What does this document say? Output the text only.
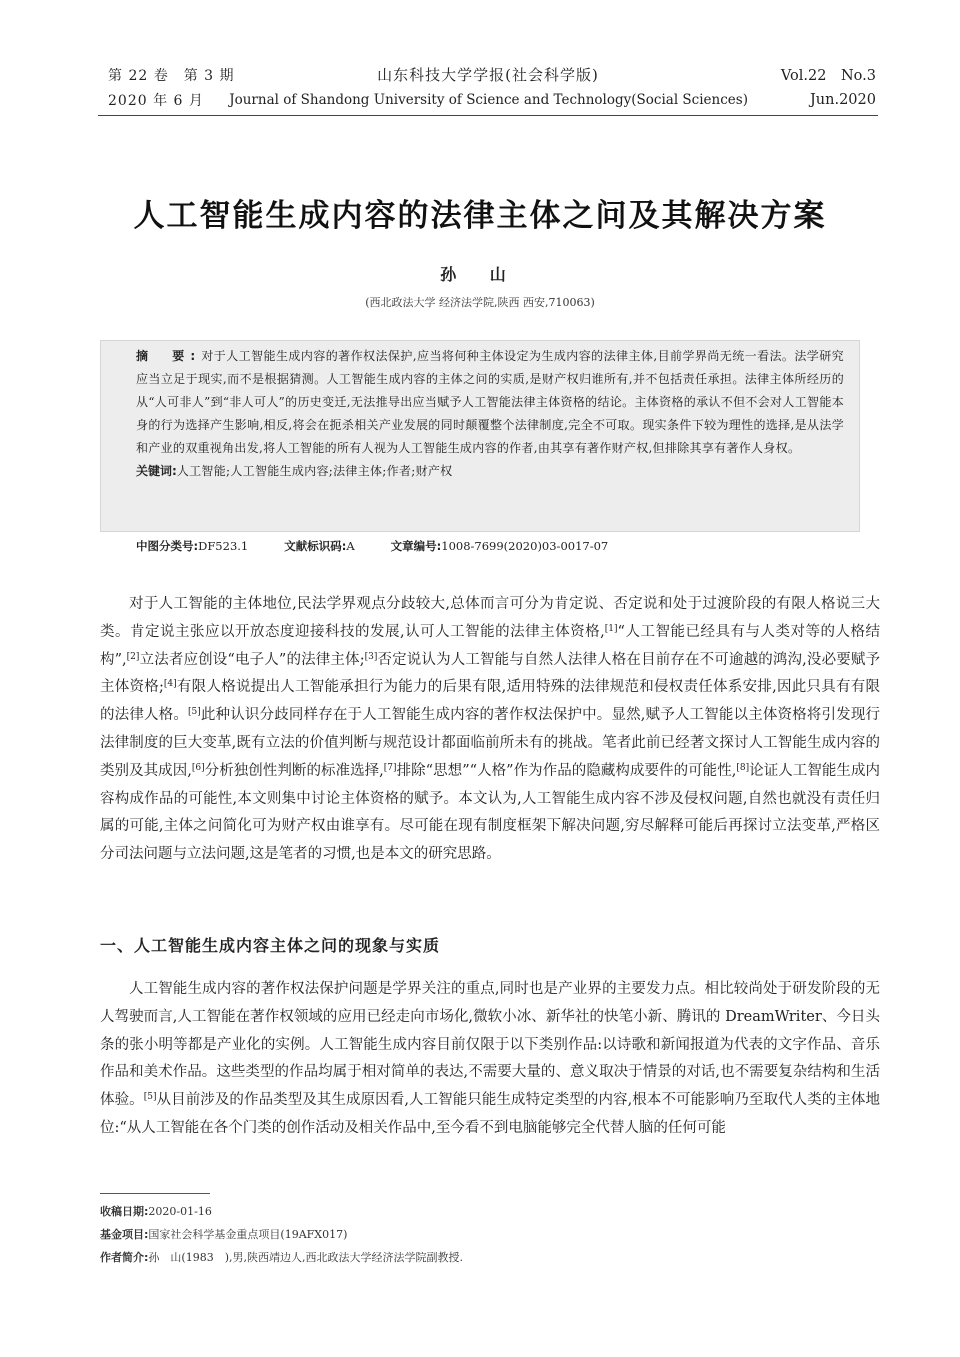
第 22 卷　第 3 期	山东科技大学学报(社会科学版)	Vol.22　No.3
2020 年 6 月	Journal of Shandong University of Science and Technology(Social Sciences)	Jun.2020
人工智能生成内容的法律主体之问及其解决方案
孙 山
(西北政法大学 经济法学院,陕西 西安,710063)
摘　要:对于人工智能生成内容的著作权法保护,应当将何种主体设定为生成内容的法律主体,目前学界尚无统一看法。法学研究应当立足于现实,而不是根据猜测。人工智能生成内容的主体之问的实质,是财产权归谁所有,并不包括责任承担。法律主体所经历的从“人可非人”到“非人可人”的历史变迁,无法推导出应当赋予人工智能法律主体资格的结论。主体资格的承认不但不会对人工智能本身的行为选择产生影响,相反,将会在扼杀相关产业发展的同时颠覆整个法律制度,完全不可取。现实条件下较为理性的选择,是从法学和产业的双重视角出发,将人工智能的所有人视为人工智能生成内容的作者,由其享有著作财产权,但排除其享有著作人身权。
关键词:人工智能;人工智能生成内容;法律主体;作者;财产权
中图分类号:DF523.1	文献标识码:A	文章编号:1008-7699(2020)03-0017-07

对于人工智能的主体地位,民法学界观点分歧较大,总体而言可分为肯定说、否定说和处于过渡阶段的有限人格说三大类。肯定说主张应以开放态度迎接科技的发展,认可人工智能的法律主体资格,[1]“人工智能已经具有与人类对等的人格结构”,[2]立法者应创设“电子人”的法律主体;[3]否定说认为人工智能与自然人法律人格在目前存在不可逾越的鸿沟,没必要赋予主体资格;[4]有限人格说提出人工智能承担行为能力的后果有限,适用特殊的法律规范和侵权责任体系安排,因此只具有有限的法律人格。[5]此种认识分歧同样存在于人工智能生成内容的著作权法保护中。显然,赋予人工智能以主体资格将引发现行法律制度的巨大变革,既有立法的价值判断与规范设计都面临前所未有的挑战。笔者此前已经著文探讨人工智能生成内容的类别及其成因,[6]分析独创性判断的标准选择,[7]排除“思想”“人格”作为作品的隐藏构成要件的可能性,[8]论证人工智能生成内容构成作品的可能性,本文则集中讨论主体资格的赋予。本文认为,人工智能生成内容不涉及侵权问题,自然也就没有责任归属的可能,主体之问简化可为财产权由谁享有。尽可能在现有制度框架下解决问题,穷尽解释可能后再探讨立法变革,严格区分司法问题与立法问题,这是笔者的习惯,也是本文的研究思路。

一、人工智能生成内容主体之问的现象与实质

人工智能生成内容的著作权法保护问题是学界关注的重点,同时也是产业界的主要发力点。相比较尚处于研发阶段的无人驾驶而言,人工智能在著作权领域的应用已经走向市场化,微软小冰、新华社的快笔小新、腾讯的 DreamWriter、今日头条的张小明等都是产业化的实例。人工智能生成内容目前仅限于以下类别作品:以诗歌和新闻报道为代表的文字作品、音乐作品和美术作品。这些类型的作品均属于相对简单的表达,不需要大量的、意义取决于情景的对话,也不需要复杂结构和生活体验。[5]从目前涉及的作品类型及其生成原因看,人工智能只能生成特定类型的内容,根本不可能影响乃至取代人类的主体地位:“从人工智能在各个门类的创作活动及相关作品中,至今看不到电脑能够完全代替人脑的任何可能

收稿日期:2020-01-16
基金项目:国家社会科学基金重点项目(19AFX017)
作者简介:孙　山(1983　),男,陕西靖边人,西北政法大学经济法学院副教授.
